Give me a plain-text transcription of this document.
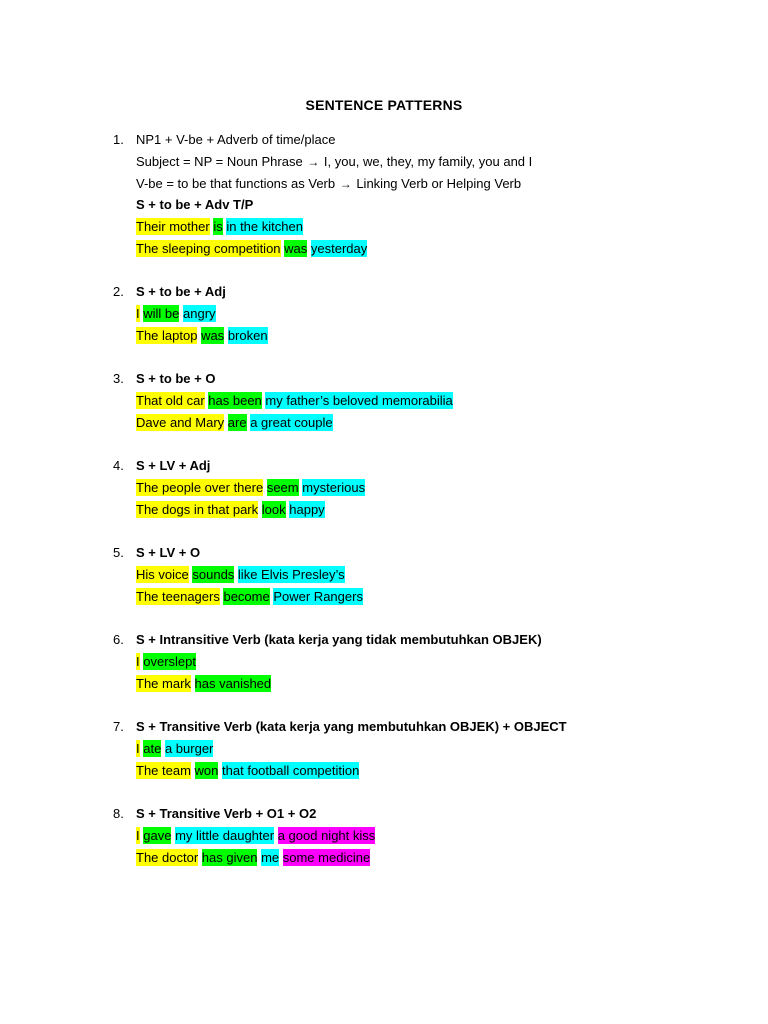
SENTENCE PATTERNS
1. NP1 + V-be + Adverb of time/place
Subject = NP = Noun Phrase → I, you, we, they, my family, you and I
V-be = to be that functions as Verb → Linking Verb or Helping Verb
S + to be + Adv T/P
Their mother is in the kitchen
The sleeping competition was yesterday
2. S + to be + Adj
I will be angry
The laptop was broken
3. S + to be + O
That old car has been my father’s beloved memorabilia
Dave and Mary are a great couple
4. S + LV + Adj
The people over there seem mysterious
The dogs in that park look happy
5. S + LV + O
His voice sounds like Elvis Presley’s
The teenagers become Power Rangers
6. S + Intransitive Verb (kata kerja yang tidak membutuhkan OBJEK)
I overslept
The mark has vanished
7. S + Transitive Verb (kata kerja yang membutuhkan OBJEK) + OBJECT
I ate a burger
The team won that football competition
8. S + Transitive Verb + O1 + O2
I gave my little daughter a good night kiss
The doctor has given me some medicine
